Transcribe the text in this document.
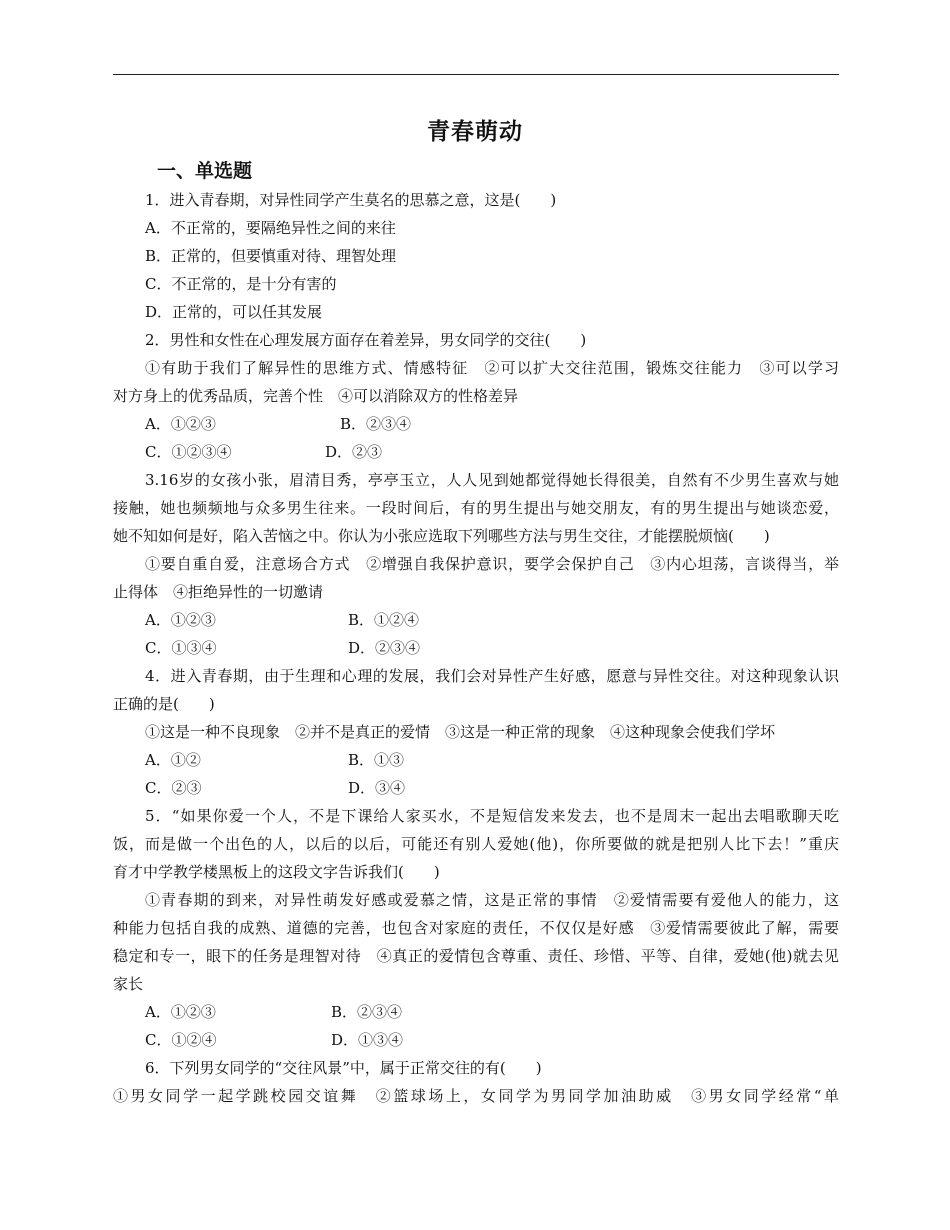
青春萌动
一、单选题
1．进入青春期，对异性同学产生莫名的思慕之意，这是(　　)
A．不正常的，要隔绝异性之间的来往
B．正常的，但要慎重对待、理智处理
C．不正常的，是十分有害的
D．正常的，可以任其发展
2．男性和女性在心理发展方面存在着差异，男女同学的交往(　　)
①有助于我们了解异性的思维方式、情感特征　②可以扩大交往范围，锻炼交往能力　③可以学习
对方身上的优秀品质，完善个性　④可以消除双方的性格差异
A．①②③	B．②③④
C．①②③④	D．②③
3.16岁的女孩小张，眉清目秀，亭亭玉立，人人见到她都觉得她长得很美，自然有不少男生喜欢与她
接触，她也频频地与众多男生往来。一段时间后，有的男生提出与她交朋友，有的男生提出与她谈恋爱，
她不知如何是好，陷入苦恼之中。你认为小张应选取下列哪些方法与男生交往，才能摆脱烦恼(　　)
①要自重自爱，注意场合方式　②增强自我保护意识，要学会保护自己　③内心坦荡，言谈得当，举
止得体　④拒绝异性的一切邀请
A．①②③	B．①②④
C．①③④	D．②③④
4．进入青春期，由于生理和心理的发展，我们会对异性产生好感，愿意与异性交往。对这种现象认识
正确的是(　　)
①这是一种不良现象　②并不是真正的爱情　③这是一种正常的现象　④这种现象会使我们学坏
A．①②	B．①③
C．②③	D．③④
5．“如果你爱一个人，不是下课给人家买水，不是短信发来发去，也不是周末一起出去唱歌聊天吃
饭，而是做一个出色的人，以后的以后，可能还有别人爱她(他)，你所要做的就是把别人比下去！”重庆
育才中学教学楼黑板上的这段文字告诉我们(　　)
①青春期的到来，对异性萌发好感或爱慕之情，这是正常的事情　②爱情需要有爱他人的能力，这
种能力包括自我的成熟、道德的完善，也包含对家庭的责任，不仅仅是好感　③爱情需要彼此了解，需要
稳定和专一，眼下的任务是理智对待　④真正的爱情包含尊重、责任、珍惜、平等、自律，爱她(他)就去见
家长
A．①②③	B．②③④
C．①②④	D．①③④
6．下列男女同学的“交往风景”中，属于正常交往的有(　　)
①男女同学一起学跳校园交谊舞　②篮球场上，女同学为男同学加油助威　③男女同学经常“单
